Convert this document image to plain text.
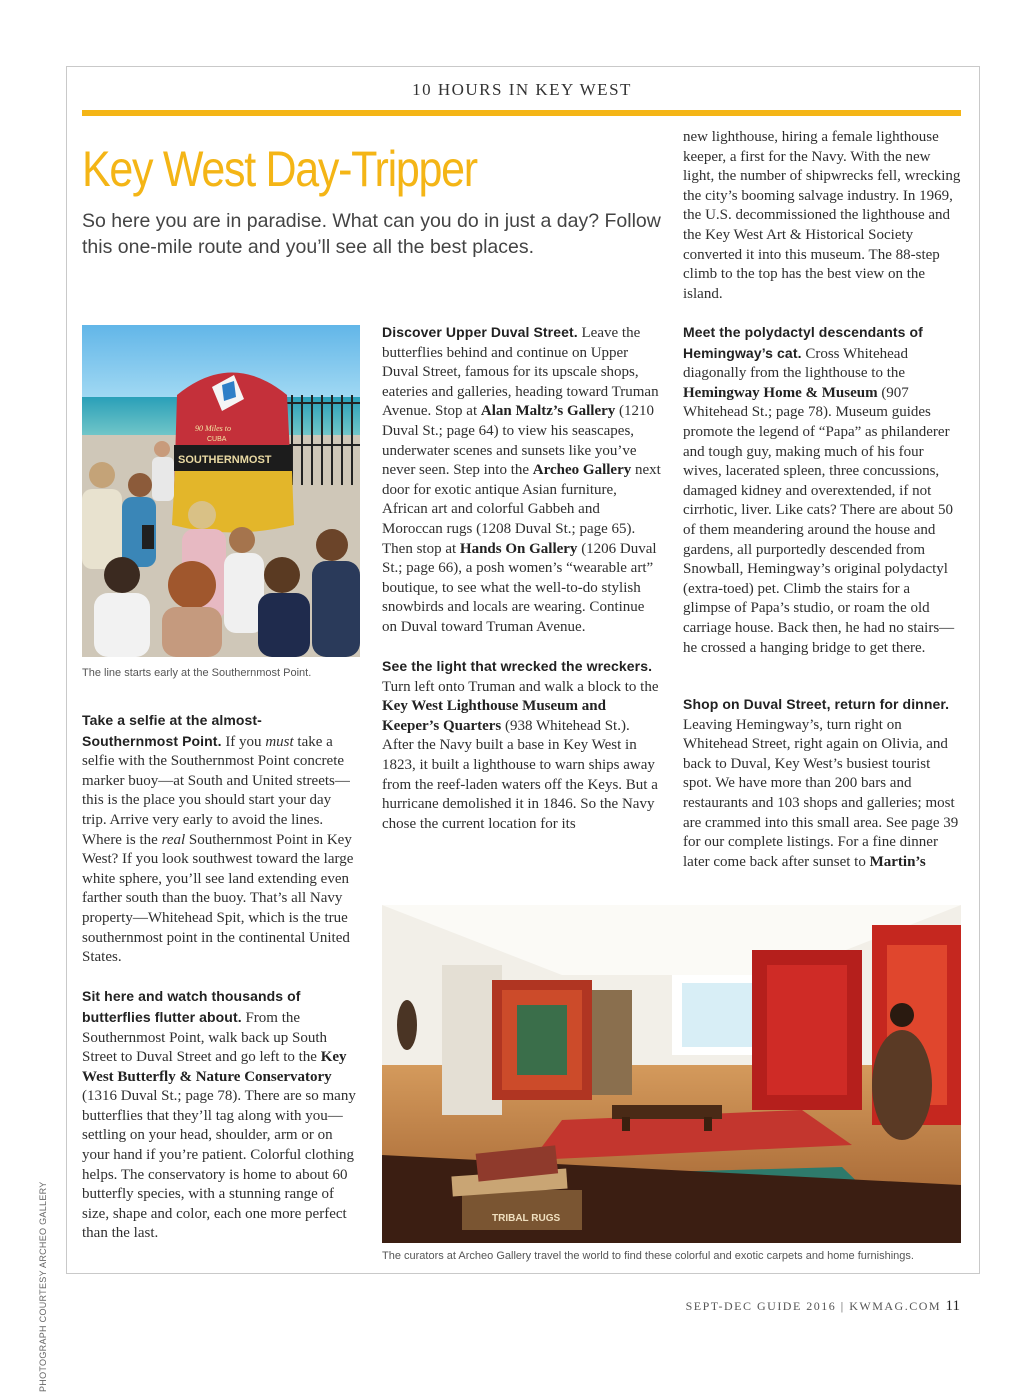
10 HOURS IN KEY WEST
Key West Day-Tripper
So here you are in paradise. What can you do in just a day? Follow this one-mile route and you’ll see all the best places.
90 Miles to
CUBA
SOUTHERNMOST
The line starts early at the Southernmost Point.

Take a selfie at the almost-Southernmost Point. If you must take a selfie with the Southernmost Point concrete marker buoy—at South and United streets—this is the place you should start your day trip. Arrive very early to avoid the lines. Where is the real Southernmost Point in Key West? If you look southwest toward the large white sphere, you’ll see land extending even farther south than the buoy. That’s all Navy property—Whitehead Spit, which is the true southernmost point in the continental United States.

Sit here and watch thousands of butterflies flutter about. From the Southernmost Point, walk back up South Street to Duval Street and go left to the Key West Butterfly & Nature Conservatory (1316 Duval St.; page 78). There are so many butterflies that they’ll tag along with you—settling on your head, shoulder, arm or on your hand if you’re patient. Colorful clothing helps. The conservatory is home to about 60 butterfly species, with a stunning range of size, shape and color, each one more perfect than the last.

Discover Upper Duval Street. Leave the butterflies behind and continue on Upper Duval Street, famous for its upscale shops, eateries and galleries, heading toward Truman Avenue. Stop at Alan Maltz’s Gallery (1210 Duval St.; page 64) to view his seascapes, underwater scenes and sunsets like you’ve never seen. Step into the Archeo Gallery next door for exotic antique Asian furniture, African art and colorful Gabbeh and Moroccan rugs (1208 Duval St.; page 65). Then stop at Hands On Gallery (1206 Duval St.; page 66), a posh women’s “wearable art” boutique, to see what the well-to-do stylish snowbirds and locals are wearing. Continue on Duval toward Truman Avenue.

See the light that wrecked the wreckers. Turn left onto Truman and walk a block to the Key West Lighthouse Museum and Keeper’s Quarters (938 Whitehead St.). After the Navy built a base in Key West in 1823, it built a lighthouse to warn ships away from the reef-laden waters off the Keys. But a hurricane demolished it in 1846. So the Navy chose the current location for its

new lighthouse, hiring a female lighthouse keeper, a first for the Navy. With the new light, the number of shipwrecks fell, wrecking the city’s booming salvage industry. In 1969, the U.S. decommissioned the lighthouse and the Key West Art & Historical Society converted it into this museum. The 88-step climb to the top has the best view on the island.

Meet the polydactyl descendants of Hemingway’s cat. Cross Whitehead diagonally from the lighthouse to the Hemingway Home & Museum (907 Whitehead St.; page 78). Museum guides promote the legend of “Papa” as philanderer and tough guy, making much of his four wives, lacerated spleen, three concussions, damaged kidney and overextended, if not cirrhotic, liver. Like cats? There are about 50 of them meandering around the house and gardens, all purportedly descended from Snowball, Hemingway’s original polydactyl (extra-toed) pet. Climb the stairs for a glimpse of Papa’s studio, or roam the old carriage house. Back then, he had no stairs—he crossed a hanging bridge to get there.

Shop on Duval Street, return for dinner. Leaving Hemingway’s, turn right on Whitehead Street, right again on Olivia, and back to Duval, Key West’s busiest tourist spot. We have more than 200 bars and restaurants and 103 shops and galleries; most are crammed into this small area. See page 39 for our complete listings. For a fine dinner later come back after sunset to Martin’s

TRIBAL RUGS
The curators at Archeo Gallery travel the world to find these colorful and exotic carpets and home furnishings.
PHOTOGRAPH COURTESY ARCHEO GALLERY	SEPT-DEC GUIDE 2016 | KWMAG.COM 11
